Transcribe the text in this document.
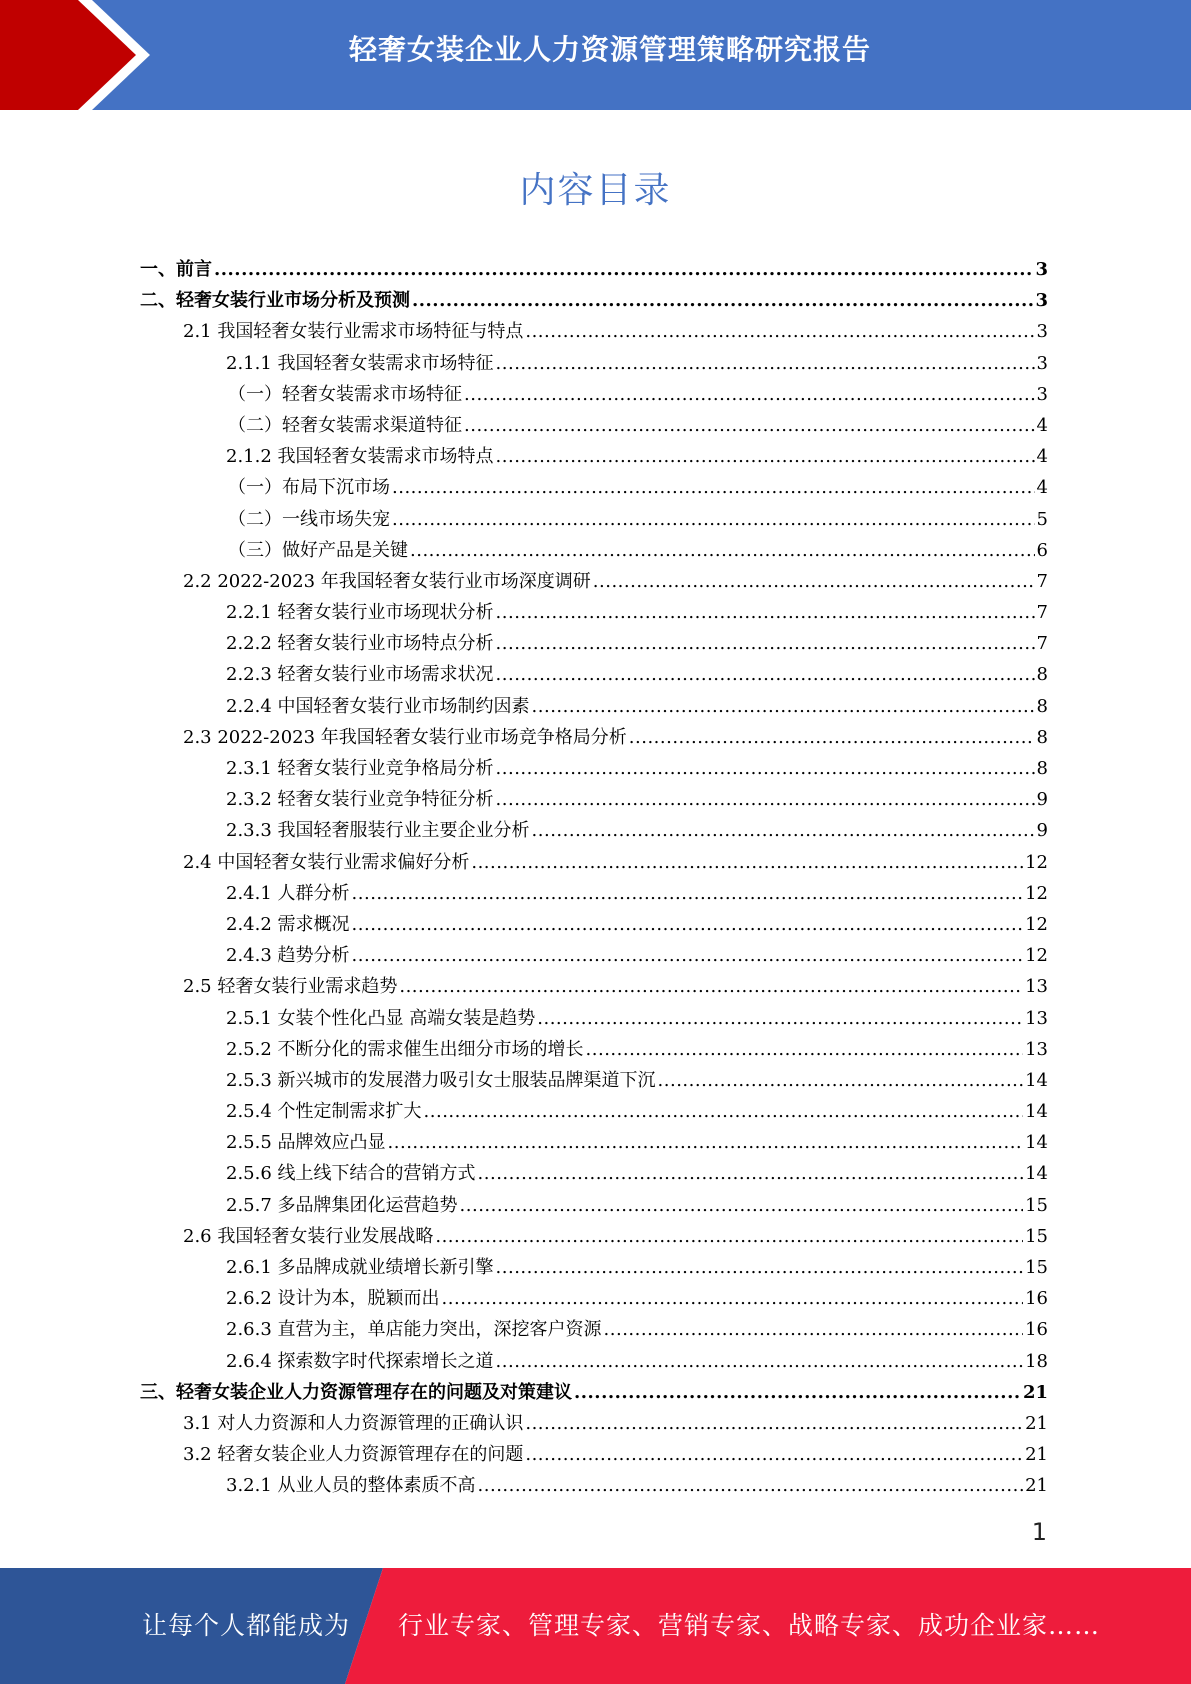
轻奢女装企业人力资源管理策略研究报告
内容目录
一、前言 .....	3
二、轻奢女装行业市场分析及预测 .....	3
2.1 我国轻奢女装行业需求市场特征与特点 .....	3
2.1.1 我国轻奢女装需求市场特征 .....	3
（一）轻奢女装需求市场特征 .....	3
（二）轻奢女装需求渠道特征 .....	4
2.1.2 我国轻奢女装需求市场特点 .....	4
（一）布局下沉市场 .....	4
（二）一线市场失宠 .....	5
（三）做好产品是关键 .....	6
2.2 2022-2023 年我国轻奢女装行业市场深度调研 .....	7
2.2.1 轻奢女装行业市场现状分析 .....	7
2.2.2 轻奢女装行业市场特点分析 .....	7
2.2.3 轻奢女装行业市场需求状况 .....	8
2.2.4 中国轻奢女装行业市场制约因素 .....	8
2.3 2022-2023 年我国轻奢女装行业市场竞争格局分析 .....	8
2.3.1 轻奢女装行业竞争格局分析 .....	8
2.3.2 轻奢女装行业竞争特征分析 .....	9
2.3.3 我国轻奢服装行业主要企业分析 .....	9
2.4 中国轻奢女装行业需求偏好分析 .....	12
2.4.1 人群分析 .....	12
2.4.2 需求概况 .....	12
2.4.3 趋势分析 .....	12
2.5 轻奢女装行业需求趋势 .....	13
2.5.1 女装个性化凸显 高端女装是趋势 .....	13
2.5.2 不断分化的需求催生出细分市场的增长 .....	13
2.5.3 新兴城市的发展潜力吸引女士服装品牌渠道下沉 .....	14
2.5.4 个性定制需求扩大 .....	14
2.5.5 品牌效应凸显 .....	14
2.5.6 线上线下结合的营销方式 .....	14
2.5.7 多品牌集团化运营趋势 .....	15
2.6 我国轻奢女装行业发展战略 .....	15
2.6.1 多品牌成就业绩增长新引擎 .....	15
2.6.2 设计为本，脱颖而出 .....	16
2.6.3 直营为主，单店能力突出，深挖客户资源 .....	16
2.6.4 探索数字时代探索增长之道 .....	18
三、轻奢女装企业人力资源管理存在的问题及对策建议 .....	21
3.1 对人力资源和人力资源管理的正确认识 .....	21
3.2 轻奢女装企业人力资源管理存在的问题 .....	21
3.2.1 从业人员的整体素质不高 .....	21
1
让每个人都能成为 行业专家、管理专家、营销专家、战略专家、成功企业家……
